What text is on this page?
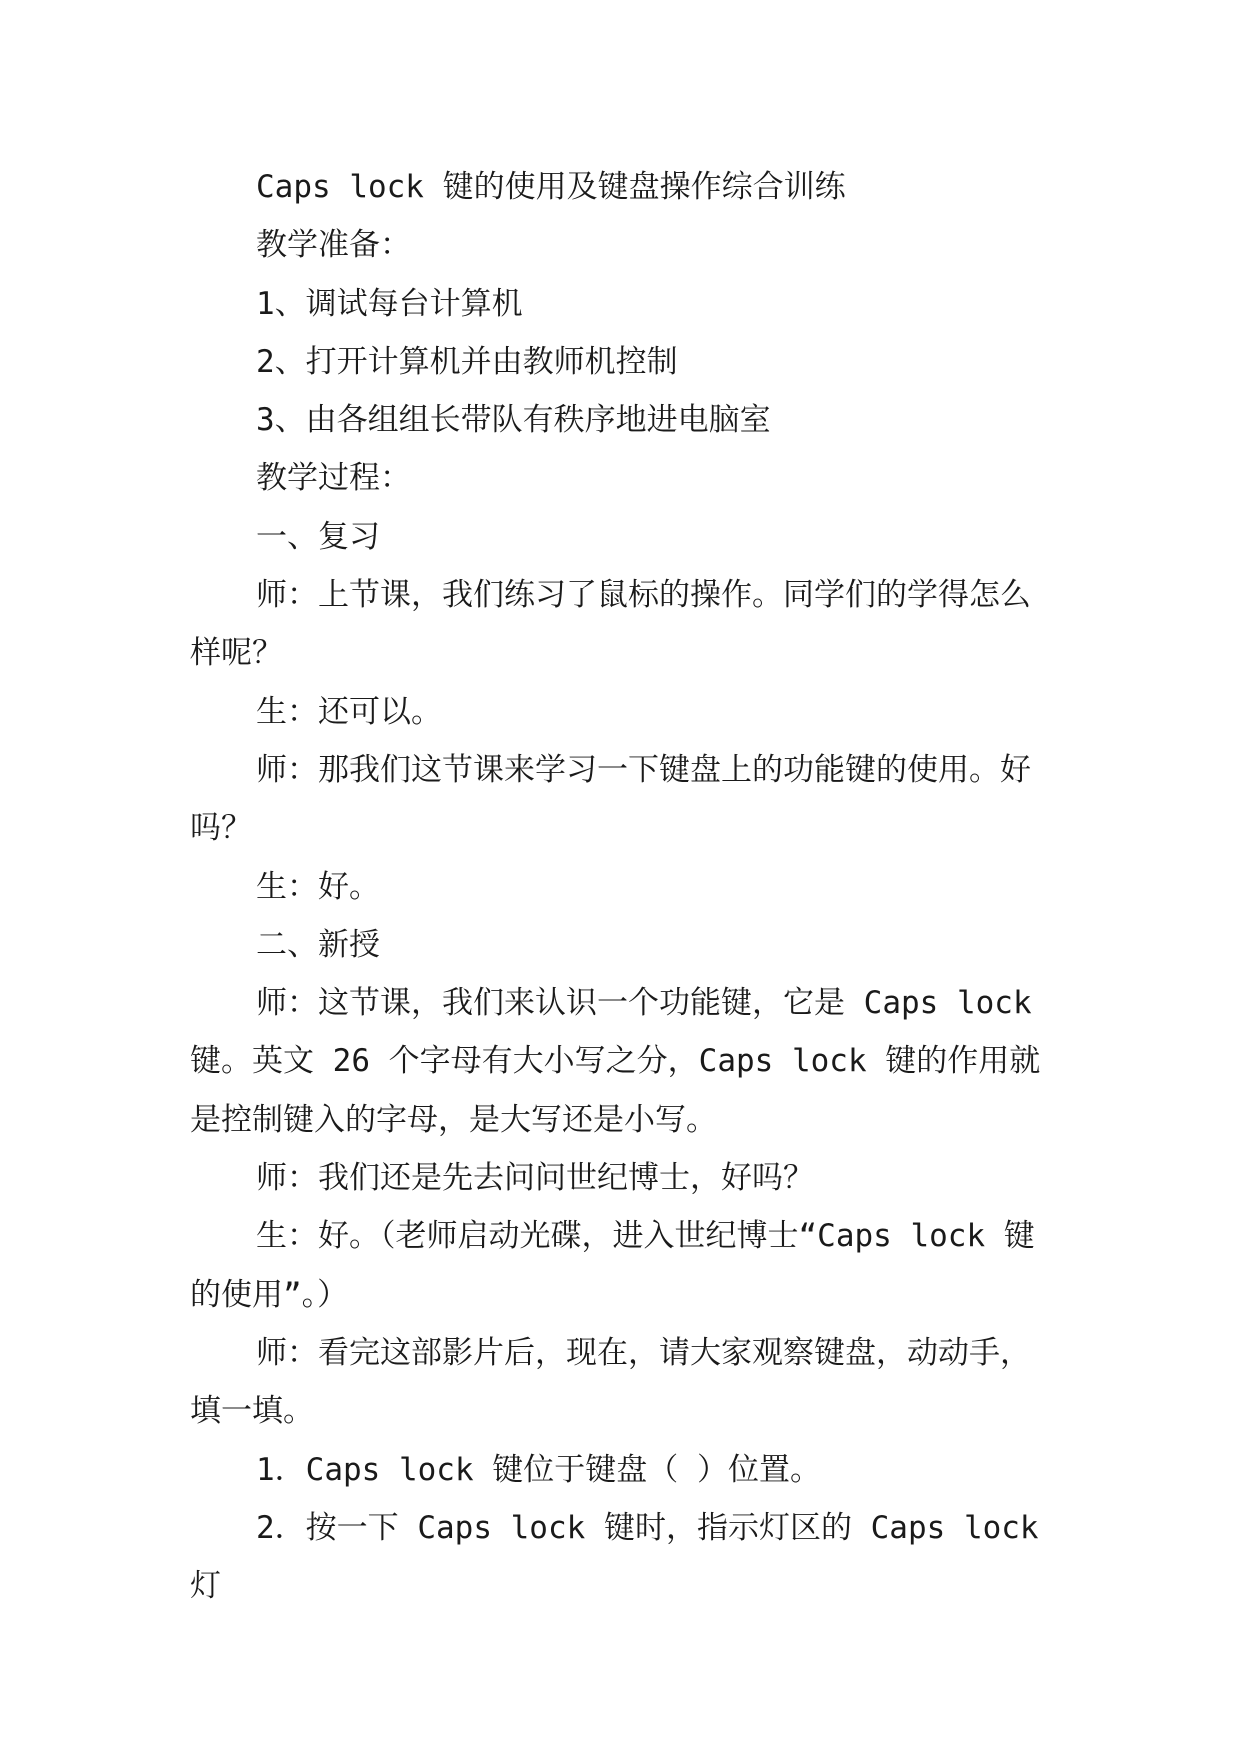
Caps lock 键的使用及键盘操作综合训练

教学准备：

1、调试每台计算机

2、打开计算机并由教师机控制

3、由各组组长带队有秩序地进电脑室

教学过程：

一、复习

师：上节课，我们练习了鼠标的操作。同学们的学得怎么样呢？

生：还可以。

师：那我们这节课来学习一下键盘上的功能键的使用。好吗？

生：好。

二、新授

师：这节课，我们来认识一个功能键，它是 Caps lock 键。英文 26 个字母有大小写之分，Caps lock 键的作用就是控制键入的字母，是大写还是小写。

师：我们还是先去问问世纪博士，好吗？

生：好。（老师启动光碟，进入世纪博士“Caps lock 键的使用”。）

师：看完这部影片后，现在，请大家观察键盘，动动手，填一填。

1．Caps lock 键位于键盘（ ）位置。

2．按一下 Caps lock 键时，指示灯区的 Caps lock 灯
